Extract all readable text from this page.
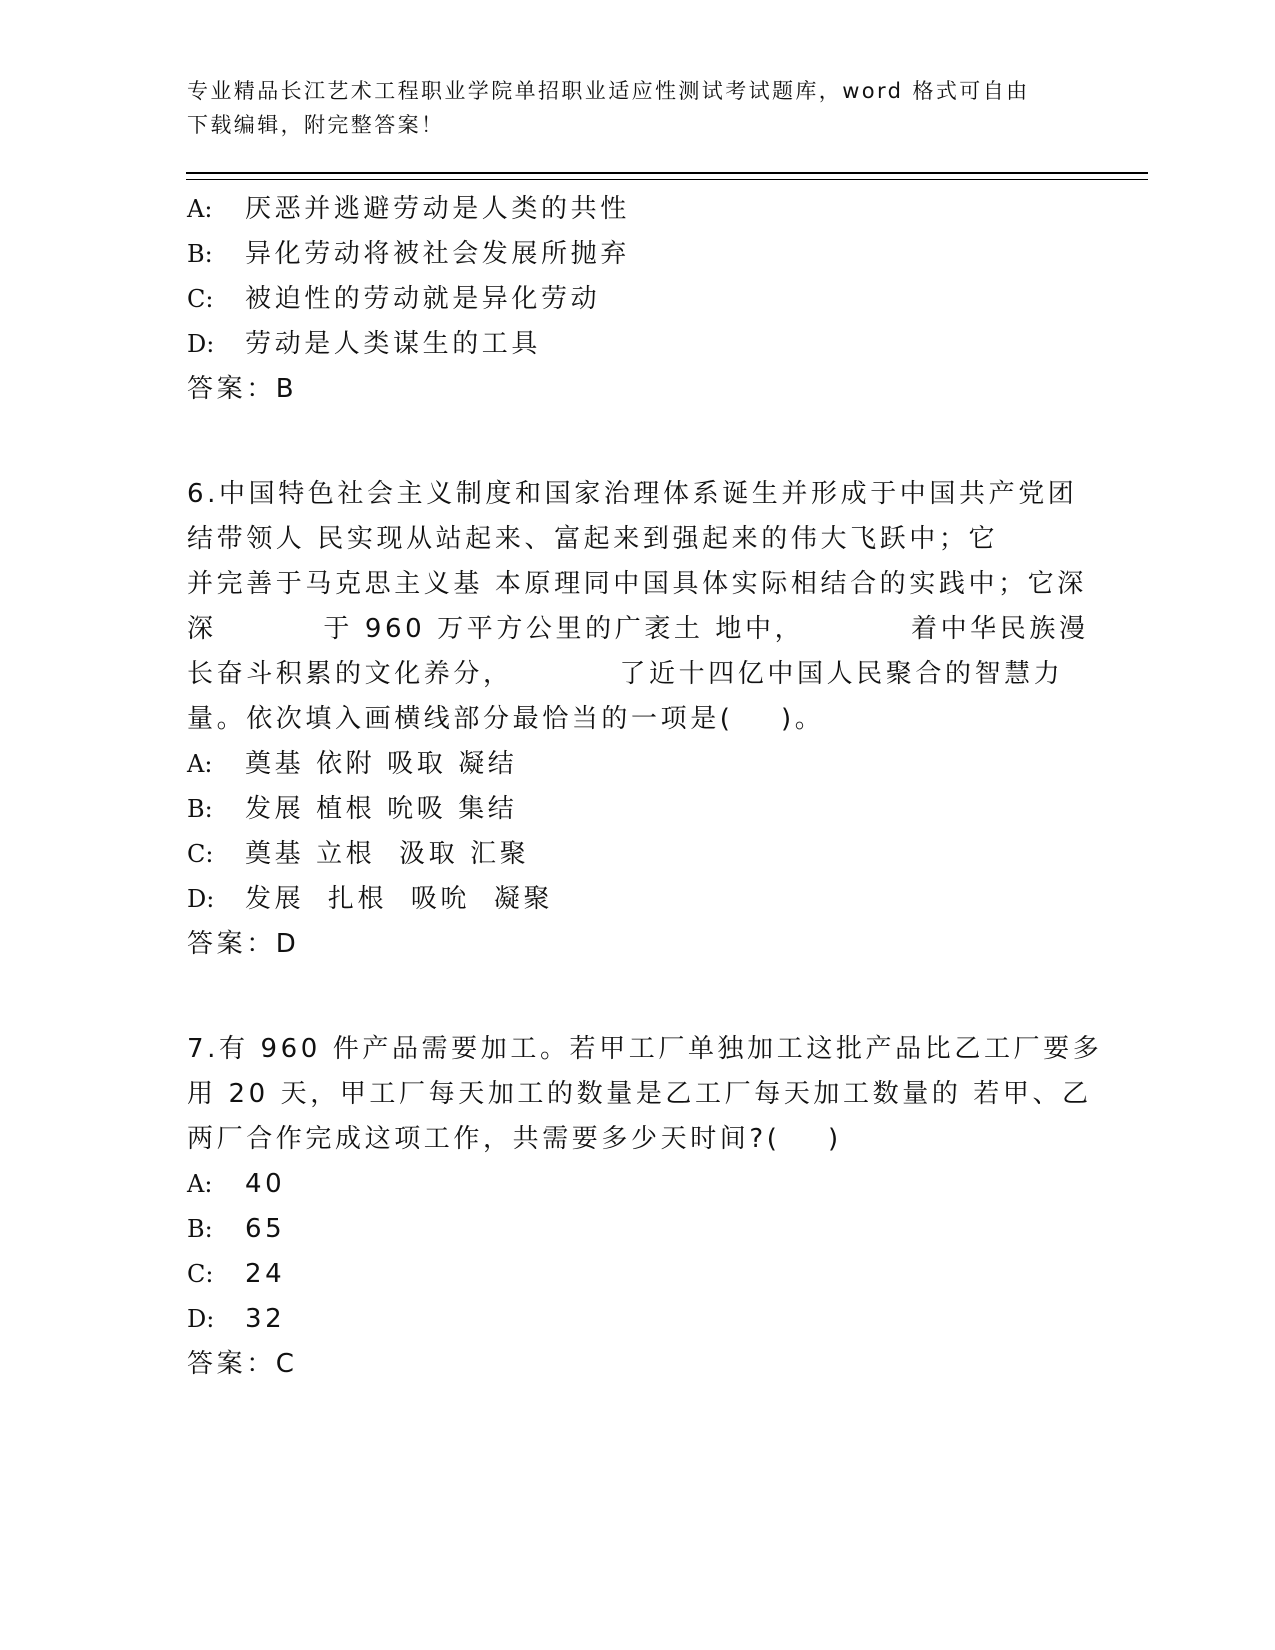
专业精品长江艺术工程职业学院单招职业适应性测试考试题库，word 格式可自由
下载编辑，附完整答案！
A: 厌恶并逃避劳动是人类的共性
B: 异化劳动将被社会发展所抛弃
C: 被迫性的劳动就是异化劳动
D: 劳动是人类谋生的工具
答案：B
6.中国特色社会主义制度和国家治理体系诞生并形成于中国共产党团
结带领人 民实现从站起来、富起来到强起来的伟大飞跃中；它
并完善于马克思主义基 本原理同中国具体实际相结合的实践中；它深
深         于 960 万平方公里的广袤土 地中，         着中华民族漫
长奋斗积累的文化养分，         了近十四亿中国人民聚合的智慧力
量。依次填入画横线部分最恰当的一项是(    )。
A: 奠基 依附 吸取 凝结
B: 发展 植根 吮吸 集结
C: 奠基 立根  汲取 汇聚
D: 发展  扎根  吸吮  凝聚
答案：D
7.有 960 件产品需要加工。若甲工厂单独加工这批产品比乙工厂要多
用 20 天，甲工厂每天加工的数量是乙工厂每天加工数量的 若甲、乙
两厂合作完成这项工作，共需要多少天时间?(    )
A: 40
B: 65
C: 24
D: 32
答案：C
